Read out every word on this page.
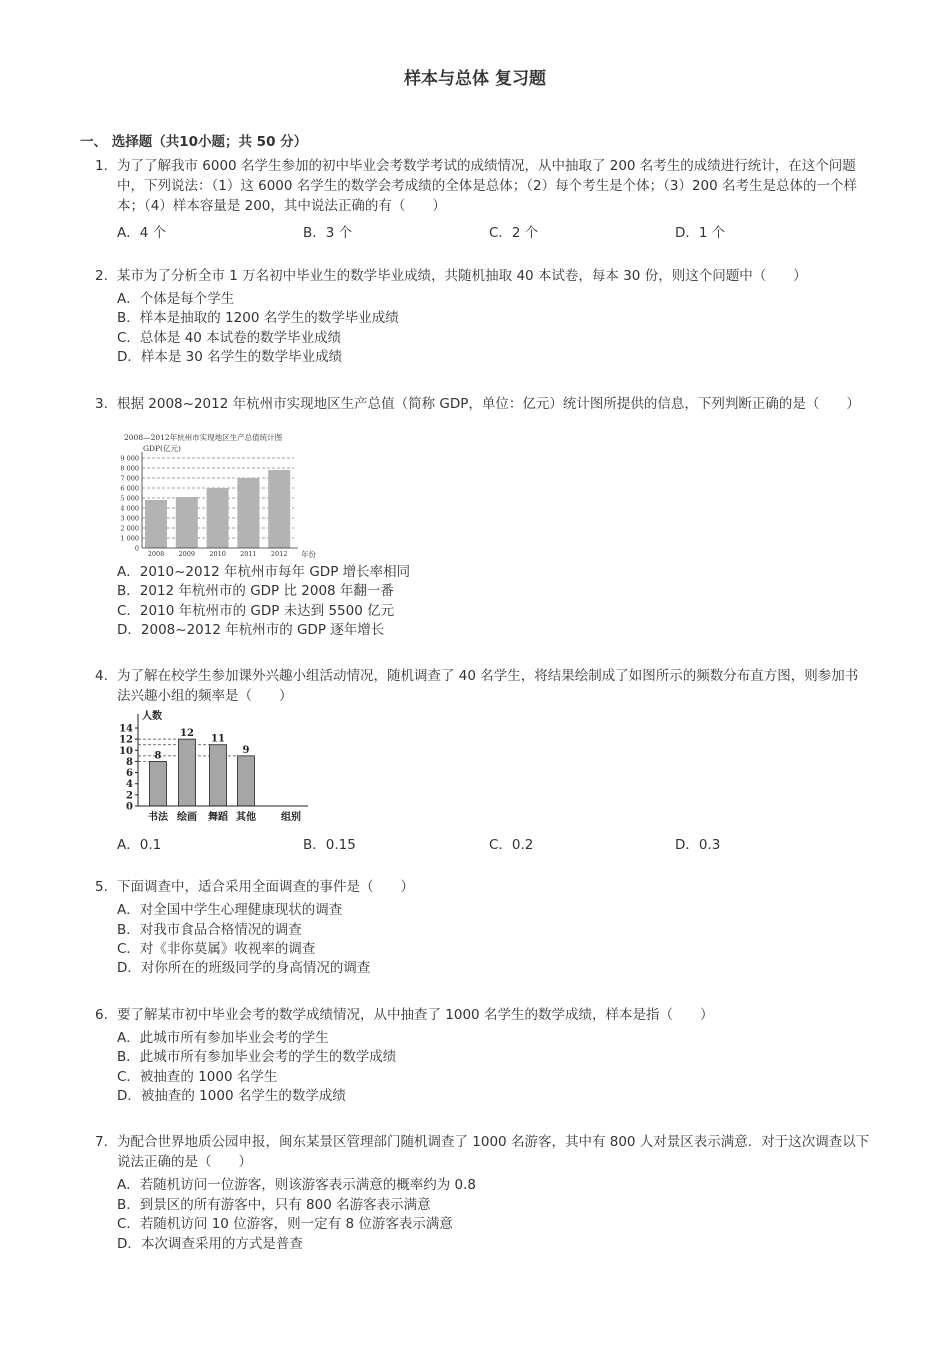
样本与总体 复习题
一、 选择题（共10小题；共 50 分）
1. 为了了解我市 6000 名学生参加的初中毕业会考数学考试的成绩情况，从中抽取了 200 名考生的成绩进行统计，在这个问题中，下列说法：（1）这 6000 名学生的数学会考成绩的全体是总体；（2）每个考生是个体；（3）200 名考生是总体的一个样本；（4）样本容量是 200，其中说法正确的有（　　）
A．4 个	B．3 个	C．2 个	D．1 个
2. 某市为了分析全市 1 万名初中毕业生的数学毕业成绩，共随机抽取 40 本试卷，每本 30 份，则这个问题中（　　）
A．个体是每个学生
B．样本是抽取的 1200 名学生的数学毕业成绩
C．总体是 40 本试卷的数学毕业成绩
D．样本是 30 名学生的数学毕业成绩
3. 根据 2008~2012 年杭州市实现地区生产总值（简称 GDP，单位：亿元）统计图所提供的信息，下列判断正确的是（　　）
2008—2012年杭州市实现地区生产总值统计图
GDP(亿元)
0
1 000
2 000
3 000
4 000
5 000
6 000
7 000
8 000
9 000
2008 2009 2010 2011 2012 年份
A．2010~2012 年杭州市每年 GDP 增长率相同
B．2012 年杭州市的 GDP 比 2008 年翻一番
C．2010 年杭州市的 GDP 未达到 5500 亿元
D．2008~2012 年杭州市的 GDP 逐年增长
4. 为了解在校学生参加课外兴趣小组活动情况，随机调查了 40 名学生，将结果绘制成了如图所示的频数分布直方图，则参加书法兴趣小组的频率是（　　）
人数
0
2
4
6
8
10
12
14
8
12
11
9
书法 绘画 舞蹈 其他	组别
A．0.1	B．0.15	C．0.2	D．0.3
5. 下面调查中，适合采用全面调查的事件是（　　）
A．对全国中学生心理健康现状的调查
B．对我市食品合格情况的调查
C．对《非你莫属》收视率的调查
D．对你所在的班级同学的身高情况的调查
6. 要了解某市初中毕业会考的数学成绩情况，从中抽查了 1000 名学生的数学成绩，样本是指（　　）
A．此城市所有参加毕业会考的学生
B．此城市所有参加毕业会考的学生的数学成绩
C．被抽查的 1000 名学生
D．被抽查的 1000 名学生的数学成绩
7. 为配合世界地质公园申报，闽东某景区管理部门随机调查了 1000 名游客，其中有 800 人对景区表示满意．对于这次调查以下说法正确的是（　　）
A．若随机访问一位游客，则该游客表示满意的概率约为 0.8
B．到景区的所有游客中，只有 800 名游客表示满意
C．若随机访问 10 位游客，则一定有 8 位游客表示满意
D．本次调查采用的方式是普查
